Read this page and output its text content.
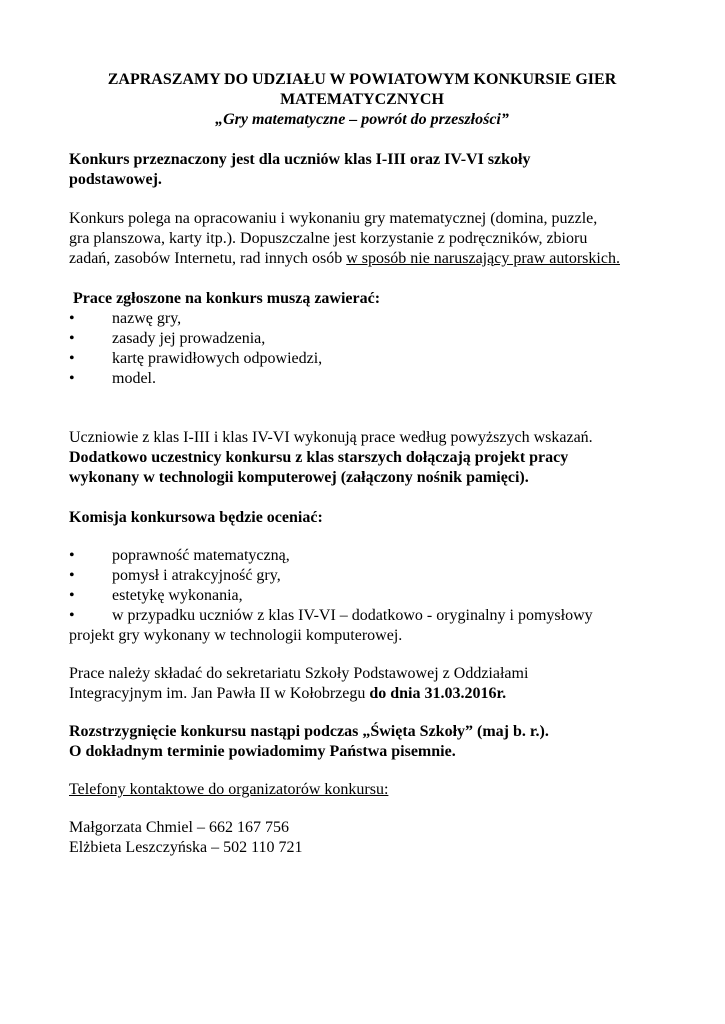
ZAPRASZAMY DO UDZIAŁU W POWIATOWYM KONKURSIE GIER
MATEMATYCZNYCH
„Gry matematyczne – powrót do przeszłości”
Konkurs przeznaczony jest dla uczniów klas I-III oraz IV-VI szkoły
podstawowej.
Konkurs polega na opracowaniu i wykonaniu gry matematycznej (domina, puzzle,
gra planszowa, karty itp.). Dopuszczalne jest korzystanie z podręczników, zbioru
zadań, zasobów Internetu, rad innych osób w sposób nie naruszający praw autorskich.
Prace zgłoszone na konkurs muszą zawierać:
• nazwę gry,
• zasady jej prowadzenia,
• kartę prawidłowych odpowiedzi,
• model.
Uczniowie z klas I-III i klas IV-VI wykonują prace według powyższych wskazań.
Dodatkowo uczestnicy konkursu z klas starszych dołączają projekt pracy
wykonany w technologii komputerowej (załączony nośnik pamięci).
Komisja konkursowa będzie oceniać:
• poprawność matematyczną,
• pomysł i atrakcyjność gry,
• estetykę wykonania,
• w przypadku uczniów z klas IV-VI – dodatkowo - oryginalny i pomysłowy
projekt gry wykonany w technologii komputerowej.
Prace należy składać do sekretariatu Szkoły Podstawowej z Oddziałami
Integracyjnym im. Jan Pawła II w Kołobrzegu do dnia 31.03.2016r.
Rozstrzygnięcie konkursu nastąpi podczas „Święta Szkoły” (maj b. r.).
O dokładnym terminie powiadomimy Państwa pisemnie.
Telefony kontaktowe do organizatorów konkursu:
Małgorzata Chmiel – 662 167 756
Elżbieta Leszczyńska – 502 110 721
